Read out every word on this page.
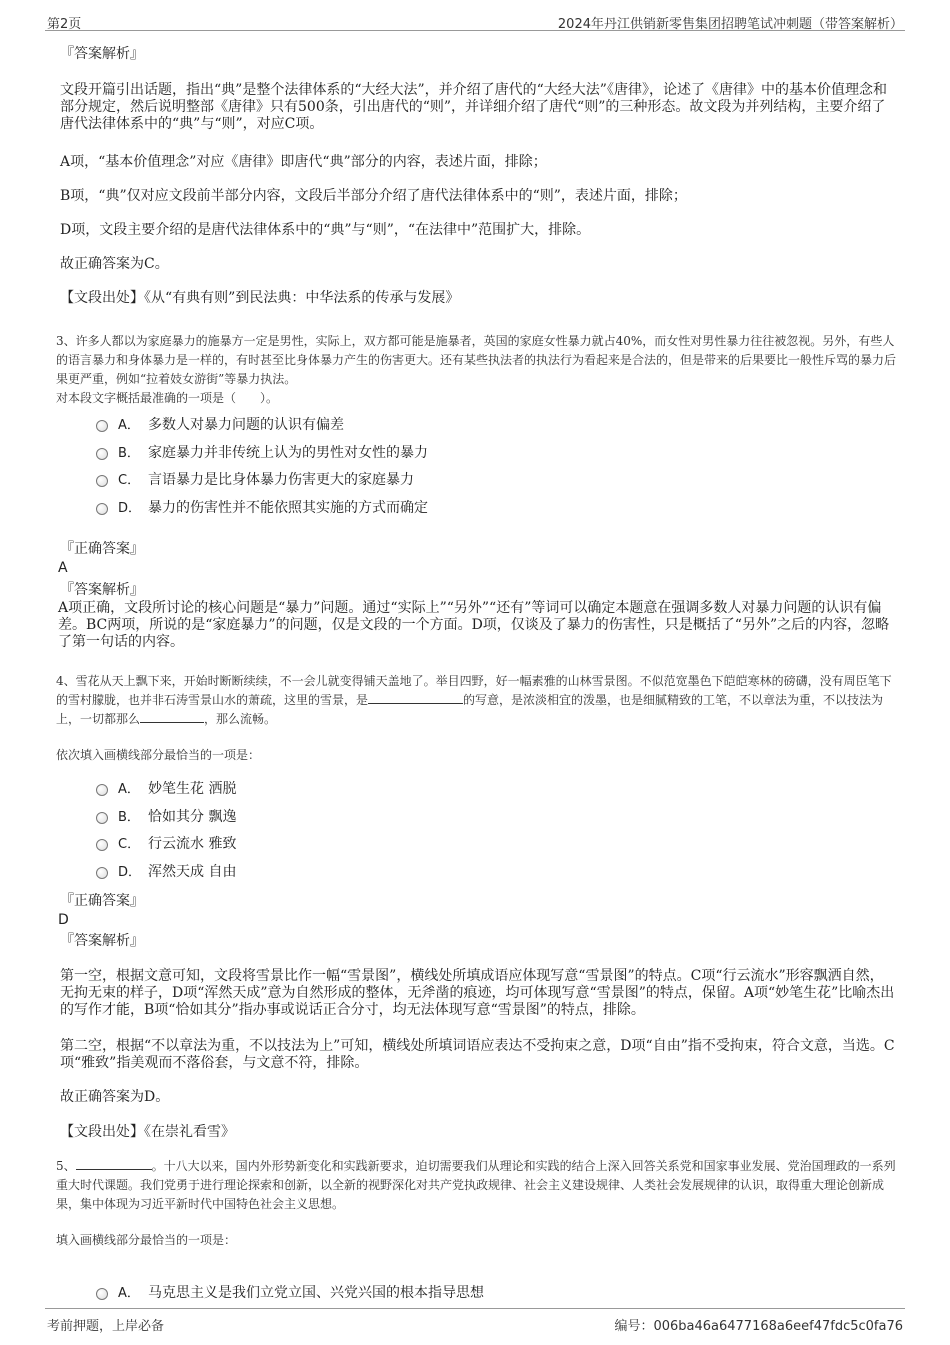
第2页	2024年丹江供销新零售集团招聘笔试冲刺题（带答案解析）
『答案解析』
文段开篇引出话题，指出“典”是整个法律体系的“大经大法”，并介绍了唐代的“大经大法”《唐律》，论述了《唐律》中的基本价值理念和部分规定，然后说明整部《唐律》只有500条，引出唐代的“则”，并详细介绍了唐代“则”的三种形态。故文段为并列结构，主要介绍了唐代法律体系中的“典”与“则”，对应C项。
A项，“基本价值理念”对应《唐律》即唐代“典”部分的内容，表述片面，排除；
B项，“典”仅对应文段前半部分内容，文段后半部分介绍了唐代法律体系中的“则”，表述片面，排除；
D项，文段主要介绍的是唐代法律体系中的“典”与“则”，“在法律中”范围扩大，排除。
故正确答案为C。
【文段出处】《从“有典有则”到民法典：中华法系的传承与发展》
3、许多人都以为家庭暴力的施暴方一定是男性，实际上，双方都可能是施暴者，英国的家庭女性暴力就占40%，而女性对男性暴力往往被忽视。另外，有些人的语言暴力和身体暴力是一样的，有时甚至比身体暴力产生的伤害更大。还有某些执法者的执法行为看起来是合法的，但是带来的后果要比一般性斥骂的暴力后果更严重，例如“拉着妓女游街”等暴力执法。
对本段文字概括最准确的一项是（　　）。
A． 多数人对暴力问题的认识有偏差
B． 家庭暴力并非传统上认为的男性对女性的暴力
C． 言语暴力是比身体暴力伤害更大的家庭暴力
D． 暴力的伤害性并不能依照其实施的方式而确定
『正确答案』
A
『答案解析』
A项正确，文段所讨论的核心问题是“暴力”问题。通过“实际上”“另外”“还有”等词可以确定本题意在强调多数人对暴力问题的认识有偏差。BC两项，所说的是“家庭暴力”的问题，仅是文段的一个方面。D项，仅谈及了暴力的伤害性，只是概括了“另外”之后的内容，忽略了第一句话的内容。
4、雪花从天上飘下来，开始时断断续续，不一会儿就变得铺天盖地了。举目四野，好一幅素雅的山林雪景图。不似范宽墨色下皑皑寒林的磅礴，没有周臣笔下的雪村朦胧，也并非石涛雪景山水的萧疏，这里的雪景，是	的写意，是浓淡相宜的泼墨，也是细腻精致的工笔，不以章法为重，不以技法为上，一切都那么	，那么流畅。
依次填入画横线部分最恰当的一项是：
A． 妙笔生花 洒脱
B． 恰如其分 飘逸
C． 行云流水 雅致
D． 浑然天成 自由
『正确答案』
D
『答案解析』
第一空，根据文意可知，文段将雪景比作一幅“雪景图”，横线处所填成语应体现写意“雪景图”的特点。C项“行云流水”形容飘洒自然，无拘无束的样子，D项“浑然天成”意为自然形成的整体，无斧凿的痕迹，均可体现写意“雪景图”的特点，保留。A项“妙笔生花”比喻杰出的写作才能，B项“恰如其分”指办事或说话正合分寸，均无法体现写意“雪景图”的特点，排除。
第二空，根据“不以章法为重，不以技法为上”可知，横线处所填词语应表达不受拘束之意，D项“自由”指不受拘束，符合文意，当选。C项“雅致”指美观而不落俗套，与文意不符，排除。
故正确答案为D。
【文段出处】《在崇礼看雪》
5、	。十八大以来，国内外形势新变化和实践新要求，迫切需要我们从理论和实践的结合上深入回答关系党和国家事业发展、党治国理政的一系列重大时代课题。我们党勇于进行理论探索和创新，以全新的视野深化对共产党执政规律、社会主义建设规律、人类社会发展规律的认识，取得重大理论创新成果，集中体现为习近平新时代中国特色社会主义思想。
填入画横线部分最恰当的一项是：
A． 马克思主义是我们立党立国、兴党兴国的根本指导思想
考前押题，上岸必备	编号：006ba46a6477168a6eef47fdc5c0fa76
